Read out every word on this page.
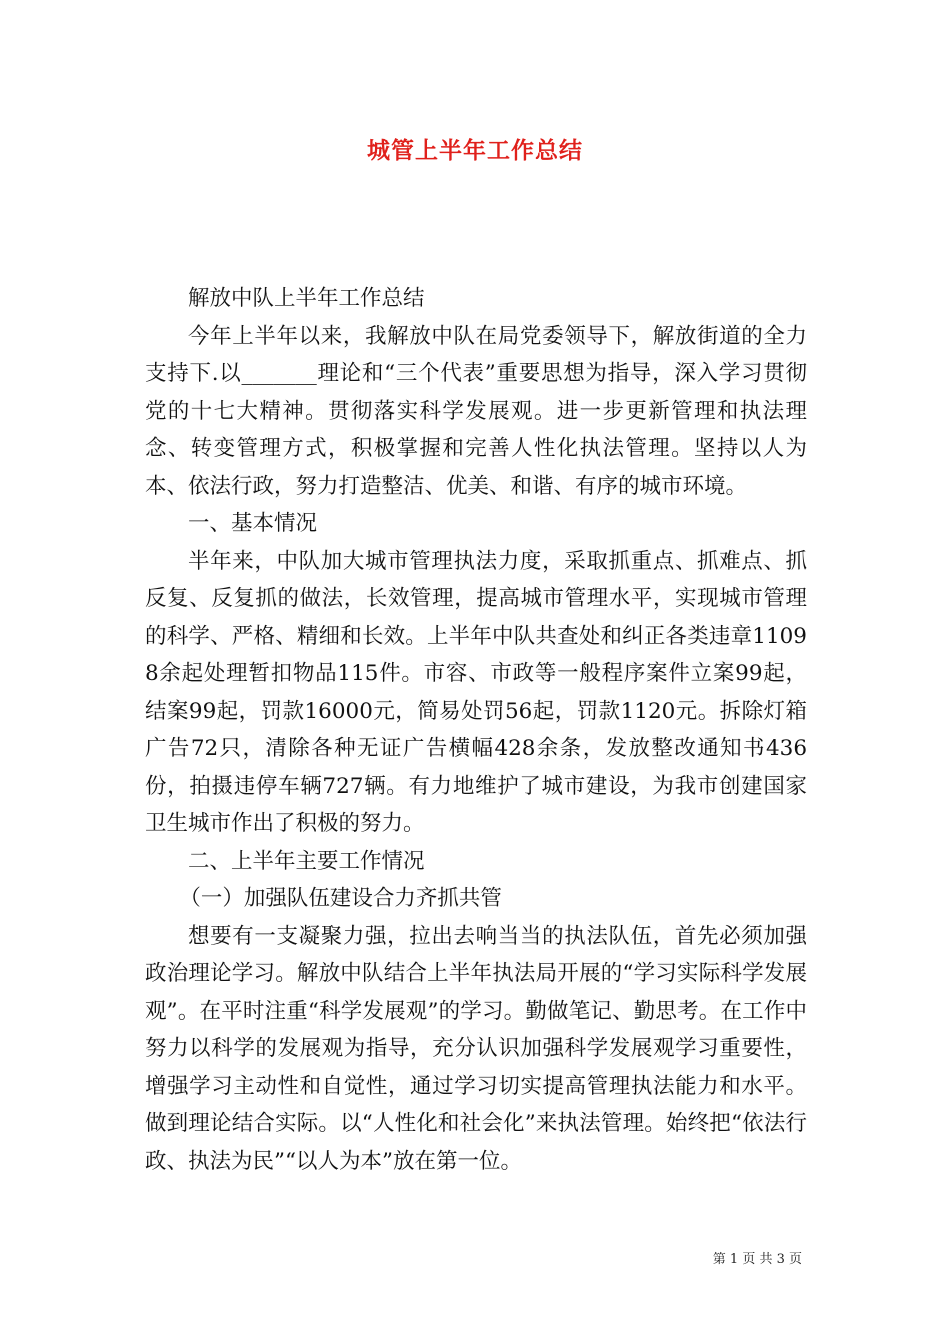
城管上半年工作总结

解放中队上半年工作总结

今年上半年以来，我解放中队在局党委领导下，解放街道的全力支持下.以_______理论和“三个代表”重要思想为指导，深入学习贯彻党的十七大精神。贯彻落实科学发展观。进一步更新管理和执法理念、转变管理方式，积极掌握和完善人性化执法管理。坚持以人为本、依法行政，努力打造整洁、优美、和谐、有序的城市环境。

一、基本情况

半年来，中队加大城市管理执法力度，采取抓重点、抓难点、抓反复、反复抓的做法，长效管理，提高城市管理水平，实现城市管理的科学、严格、精细和长效。上半年中队共查处和纠正各类违章11098余起处理暂扣物品115件。市容、市政等一般程序案件立案99起，结案99起，罚款16000元，简易处罚56起，罚款1120元。拆除灯箱广告72只，清除各种无证广告横幅428余条，发放整改通知书436份，拍摄违停车辆727辆。有力地维护了城市建设，为我市创建国家卫生城市作出了积极的努力。

二、上半年主要工作情况

（一）加强队伍建设合力齐抓共管

想要有一支凝聚力强，拉出去响当当的执法队伍，首先必须加强政治理论学习。解放中队结合上半年执法局开展的“学习实际科学发展观”。在平时注重“科学发展观”的学习。勤做笔记、勤思考。在工作中努力以科学的发展观为指导，充分认识加强科学发展观学习重要性，增强学习主动性和自觉性，通过学习切实提高管理执法能力和水平。做到理论结合实际。以“人性化和社会化”来执法管理。始终把“依法行政、执法为民”“以人为本”放在第一位。

第 1 页 共 3 页
